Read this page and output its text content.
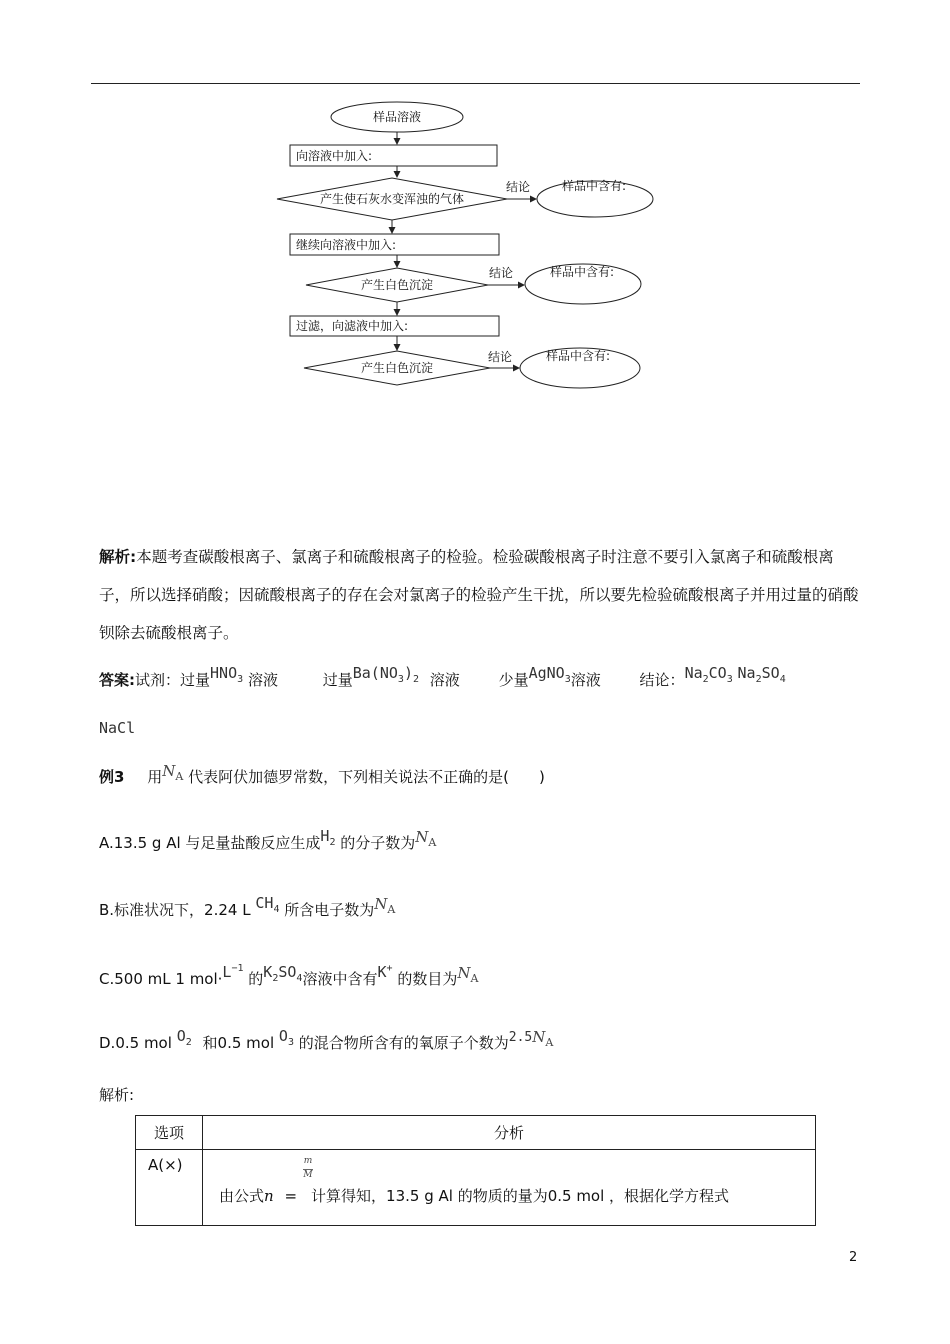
样品溶液
向溶液中加入:
产生使石灰水变浑浊的气体
继续向溶液中加入:
产生白色沉淀
过滤，向滤液中加入:
产生白色沉淀
结论
结论
结论
样品中含有:
样品中含有:
样品中含有:
解析:本题考查碳酸根离子、氯离子和硫酸根离子的检验。检验碳酸根离子时注意不要引入氯离子和硫酸根离子，所以选择硝酸；因硫酸根离子的存在会对氯离子的检验产生干扰，所以要先检验硫酸根离子并用过量的硝酸钡除去硫酸根离子。
答案:试剂：过量$HNO_3$ 溶液	过量$Ba(NO_3)_2$ 溶液	少量AgNO$_3$溶液	结论：$Na_2CO_3$ $Na_2SO_4$
NaCl
例3 用$N_A$ 代表阿伏加德罗常数，下列相关说法不正确的是(　　)
A.13.5 g Al 与足量盐酸反应生成$H_2$ 的分子数为$N_A$
B.标准状况下，2.24 L $CH_4$ 所含电子数为$N_A$
C.500 mL 1 $mol\cdot L^{-1}$ 的$K_2SO_4$溶液中含有K+ 的数目为$N_A$
D.0.5 mol $O_2$ 和0.5 mol $O_3$ 的混合物所含有的氧原子个数为$2.5N_A$
解析:
选项	分析
A(×)	m
M
由公式n = 计算得知，13.5 g Al 的物质的量为0.5 mol ，根据化学方程式
2
